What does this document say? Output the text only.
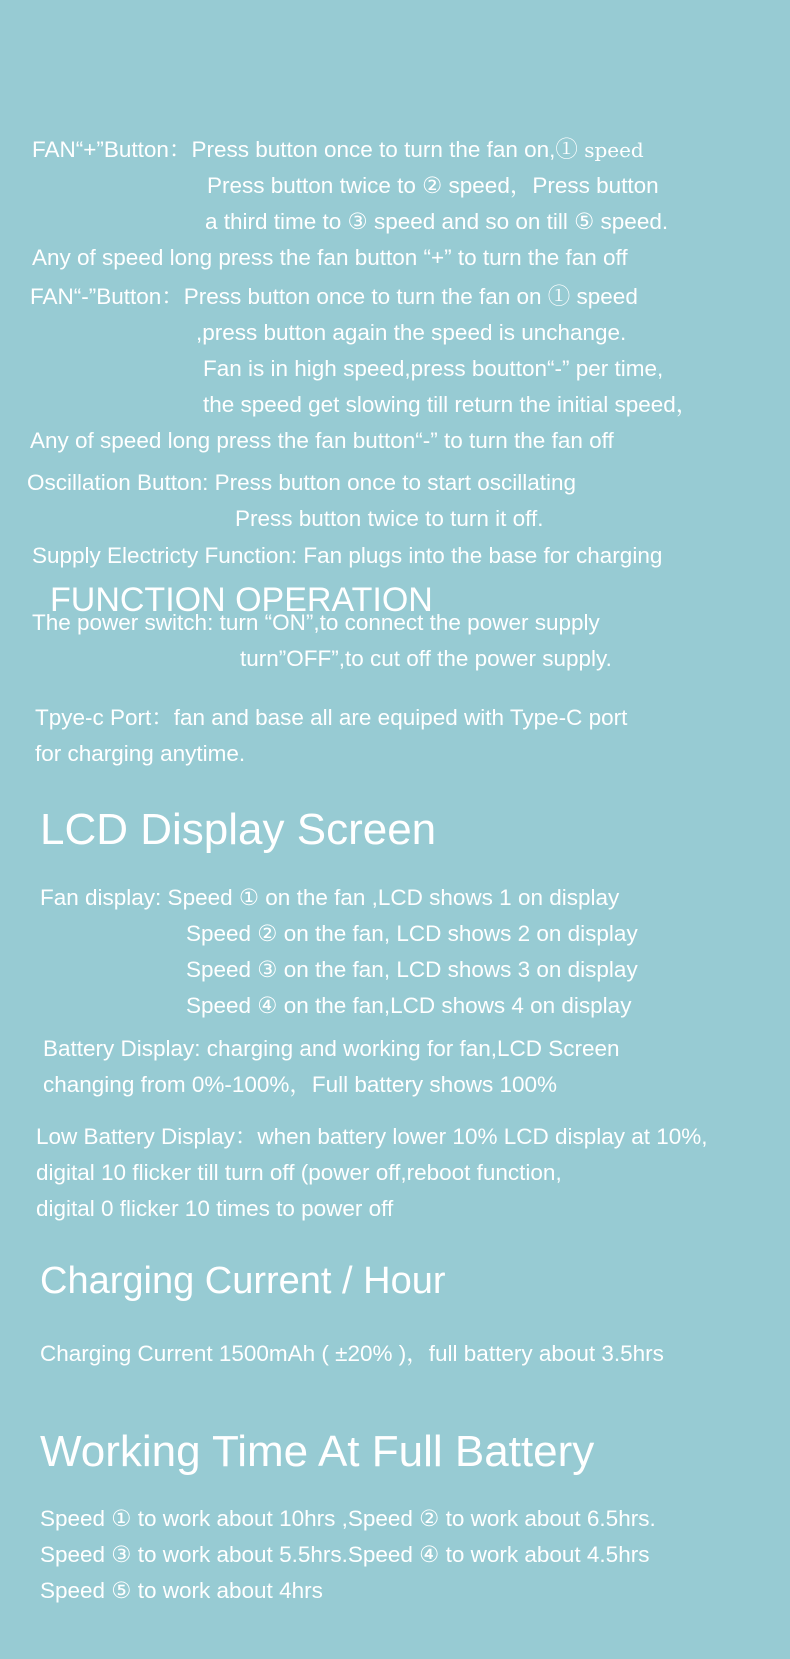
FAN“+”Button：Press button once to turn the fan on,① speed
Press button twice to ② speed，Press button
a third time to ③ speed and so on till ⑤ speed.
Any of speed long press the fan button “+” to turn the fan off
FAN“-”Button：Press button once to turn the fan on ① speed
,press button again the speed is unchange.
Fan is in high speed,press boutton“-” per time,
the speed get slowing till return the initial speed，
Any of speed long press the fan button“-” to turn the fan off
Oscillation Button: Press button once to start oscillating
Press button twice to turn it off.
Supply Electricty Function: Fan plugs into the base for charging
FUNCTION OPERATION
The power switch: turn “ON”,to connect the power supply
turn”OFF”,to cut off the power supply.
Tpye-c Port：fan and base all are equiped with Type-C port
for charging anytime.
LCD Display Screen
Fan display: Speed ① on the fan ,LCD shows 1 on display
Speed ② on the fan, LCD shows 2 on display
Speed ③ on the fan, LCD shows 3 on display
Speed ④ on the fan,LCD shows 4 on display
Battery Display: charging and working for fan,LCD Screen
changing from 0%-100%，Full battery shows 100%
Low Battery Display：when battery lower 10% LCD display at 10%,
digital 10 flicker till turn off (power off,reboot function,
digital 0 flicker 10 times to power off
Charging Current / Hour
Charging Current 1500mAh ( ±20% )，full battery about 3.5hrs
Working Time At Full Battery
Speed ① to work about 10hrs ,Speed ② to work about 6.5hrs.
Speed ③ to work about 5.5hrs.Speed ④ to work about 4.5hrs
Speed ⑤ to work about 4hrs
